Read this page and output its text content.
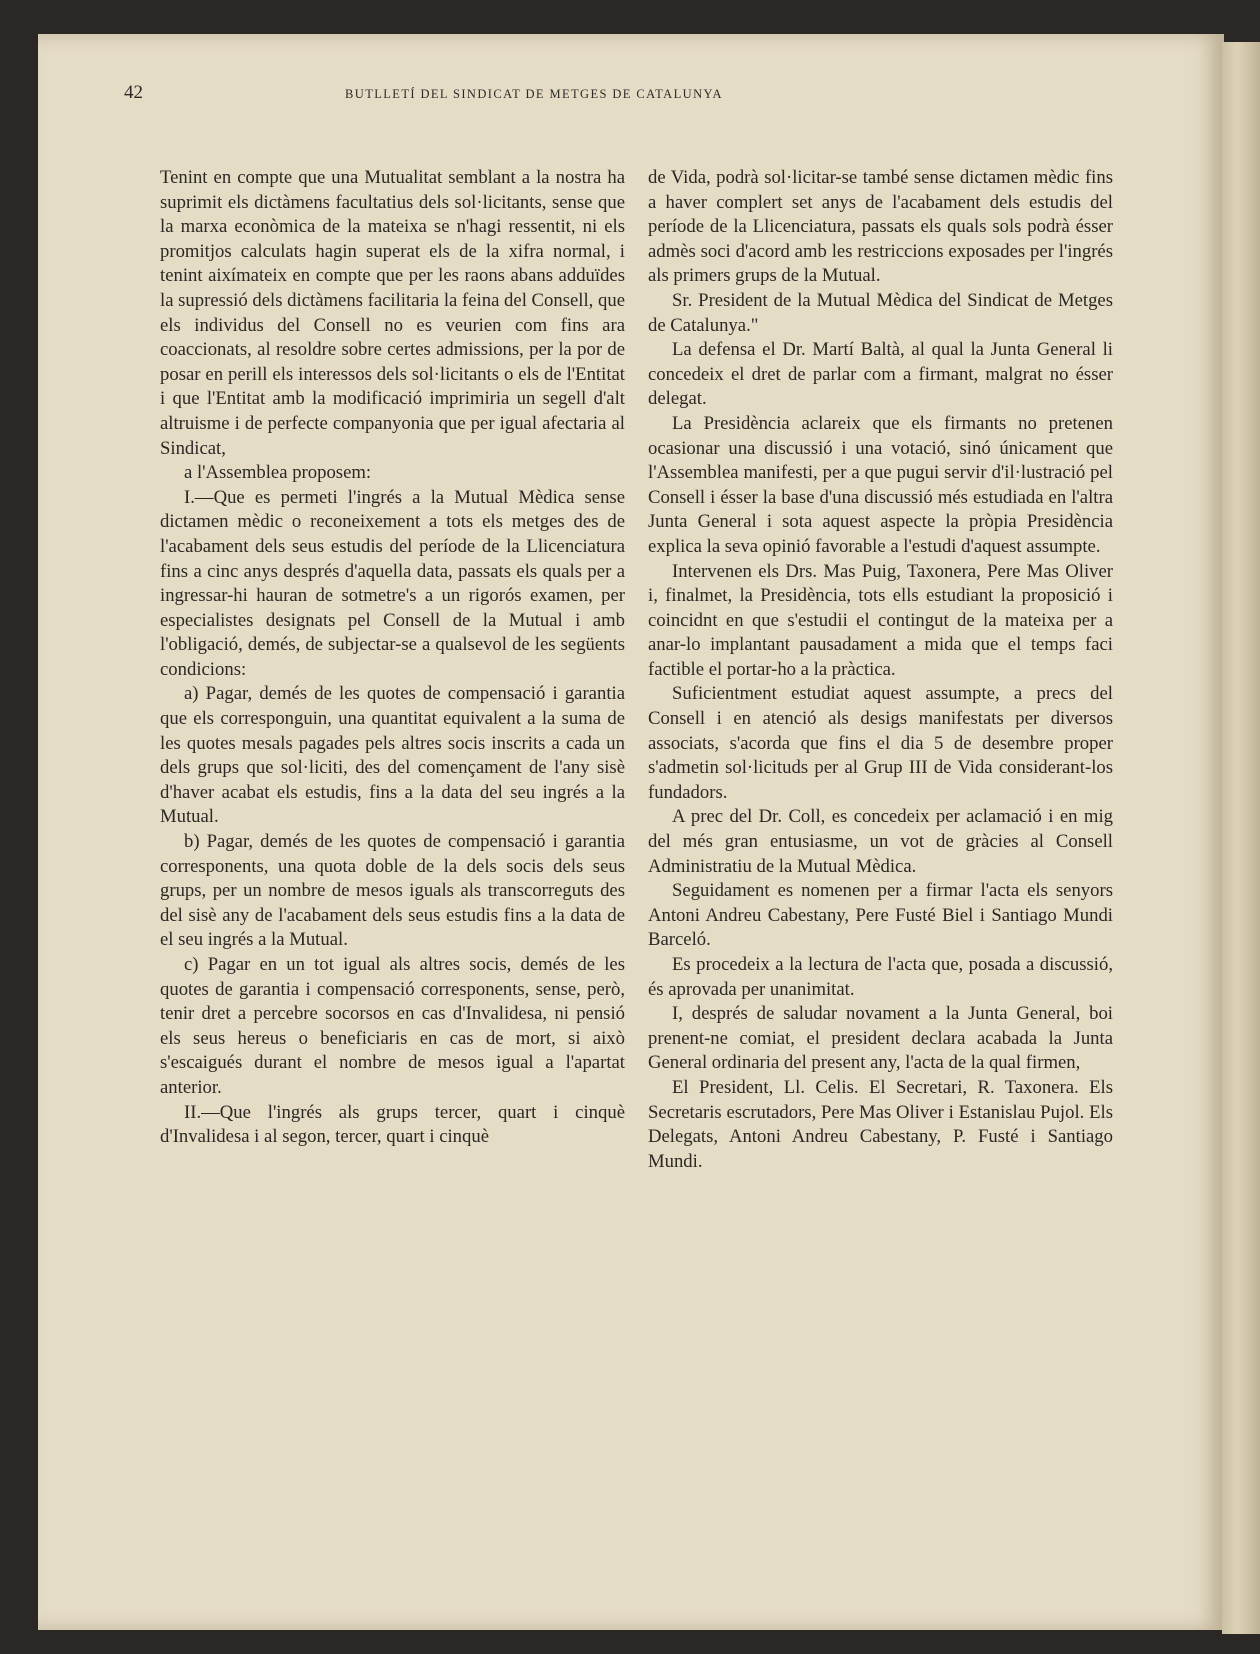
42	BUTLLETÍ DEL SINDICAT DE METGES DE CATALUNYA

Tenint en compte que una Mutualitat semblant a la nostra ha suprimit els dictàmens facultatius dels sol·licitants, sense que la marxa econòmica de la mateixa se n'hagi ressentit, ni els promitjos calculats hagin superat els de la xifra normal, i tenint aixímateix en compte que per les raons abans adduïdes la supressió dels dictàmens facilitaria la feina del Consell, que els individus del Consell no es veurien com fins ara coaccionats, al resoldre sobre certes admissions, per la por de posar en perill els interessos dels sol·licitants o els de l'Entitat i que l'Entitat amb la modificació imprimiria un segell d'alt altruisme i de perfecte companyonia que per igual afectaria al Sindicat,

a l'Assemblea proposem:

I.—Que es permeti l'ingrés a la Mutual Mèdica sense dictamen mèdic o reconeixement a tots els metges des de l'acabament dels seus estudis del període de la Llicenciatura fins a cinc anys després d'aquella data, passats els quals per a ingressar-hi hauran de sotmetre's a un rigorós examen, per especialistes designats pel Consell de la Mutual i amb l'obligació, demés, de subjectar-se a qualsevol de les següents condicions:

a) Pagar, demés de les quotes de compensació i garantia que els corresponguin, una quantitat equivalent a la suma de les quotes mesals pagades pels altres socis inscrits a cada un dels grups que sol·liciti, des del començament de l'any sisè d'haver acabat els estudis, fins a la data del seu ingrés a la Mutual.

b) Pagar, demés de les quotes de compensació i garantia corresponents, una quota doble de la dels socis dels seus grups, per un nombre de mesos iguals als transcorreguts des del sisè any de l'acabament dels seus estudis fins a la data de el seu ingrés a la Mutual.

c) Pagar en un tot igual als altres socis, demés de les quotes de garantia i compensació corresponents, sense, però, tenir dret a percebre socorsos en cas d'Invalidesa, ni pensió els seus hereus o beneficiaris en cas de mort, si això s'escaigués durant el nombre de mesos igual a l'apartat anterior.

II.—Que l'ingrés als grups tercer, quart i cinquè d'Invalidesa i al segon, tercer, quart i cinquè

de Vida, podrà sol·licitar-se també sense dictamen mèdic fins a haver complert set anys de l'acabament dels estudis del període de la Llicenciatura, passats els quals sols podrà ésser admès soci d'acord amb les restriccions exposades per l'ingrés als primers grups de la Mutual.

Sr. President de la Mutual Mèdica del Sindicat de Metges de Catalunya."

La defensa el Dr. Martí Baltà, al qual la Junta General li concedeix el dret de parlar com a firmant, malgrat no ésser delegat.

La Presidència aclareix que els firmants no pretenen ocasionar una discussió i una votació, sinó únicament que l'Assemblea manifesti, per a que pugui servir d'il·lustració pel Consell i ésser la base d'una discussió més estudiada en l'altra Junta General i sota aquest aspecte la pròpia Presidència explica la seva opinió favorable a l'estudi d'aquest assumpte.

Intervenen els Drs. Mas Puig, Taxonera, Pere Mas Oliver i, finalmet, la Presidència, tots ells estudiant la proposició i coincidnt en que s'estudii el contingut de la mateixa per a anar-lo implantant pausadament a mida que el temps faci factible el portar-ho a la pràctica.

Suficientment estudiat aquest assumpte, a precs del Consell i en atenció als desigs manifestats per diversos associats, s'acorda que fins el dia 5 de desembre proper s'admetin sol·licituds per al Grup III de Vida considerant-los fundadors.

A prec del Dr. Coll, es concedeix per aclamació i en mig del més gran entusiasme, un vot de gràcies al Consell Administratiu de la Mutual Mèdica.

Seguidament es nomenen per a firmar l'acta els senyors Antoni Andreu Cabestany, Pere Fusté Biel i Santiago Mundi Barceló.

Es procedeix a la lectura de l'acta que, posada a discussió, és aprovada per unanimitat.

I, després de saludar novament a la Junta General, boi prenent-ne comiat, el president declara acabada la Junta General ordinaria del present any, l'acta de la qual firmen,

El President, Ll. Celis. El Secretari, R. Taxonera. Els Secretaris escrutadors, Pere Mas Oliver i Estanislau Pujol. Els Delegats, Antoni Andreu Cabestany, P. Fusté i Santiago Mundi.
